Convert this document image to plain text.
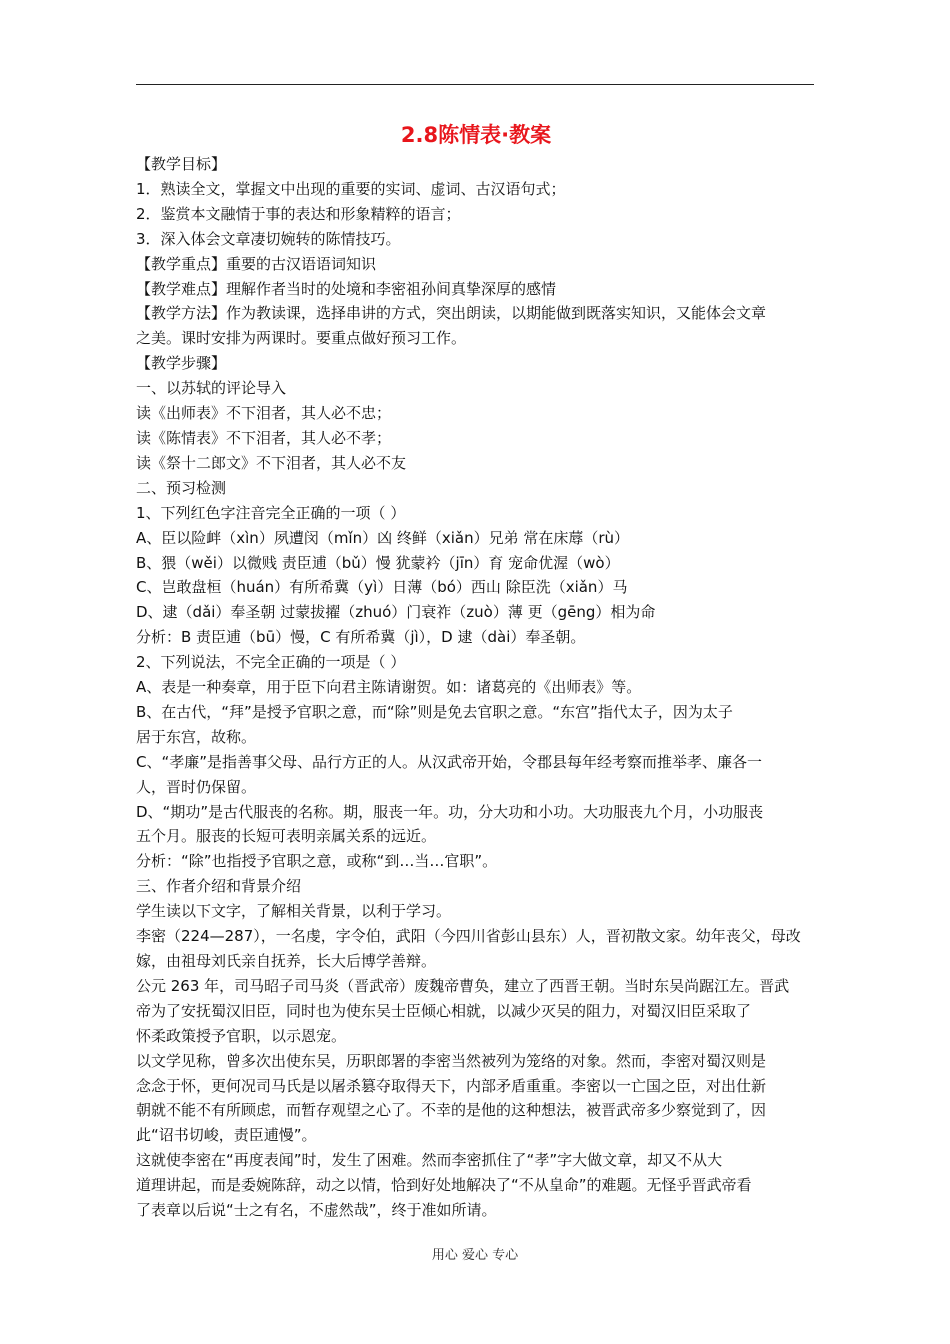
2.8陈情表·教案
【教学目标】
1．熟读全文，掌握文中出现的重要的实词、虚词、古汉语句式；
2．鉴赏本文融情于事的表达和形象精粹的语言；
3．深入体会文章凄切婉转的陈情技巧。
【教学重点】重要的古汉语语词知识
【教学难点】理解作者当时的处境和李密祖孙间真挚深厚的感情
【教学方法】作为教读课，选择串讲的方式，突出朗读，以期能做到既落实知识，又能体会文章
之美。课时安排为两课时。要重点做好预习工作。
【教学步骤】
一、以苏轼的评论导入
读《出师表》不下泪者，其人必不忠；
读《陈情表》不下泪者，其人必不孝；
读《祭十二郎文》不下泪者，其人必不友
二、预习检测
1、下列红色字注音完全正确的一项（ ）
A、臣以险衅（xìn）夙遭闵（mǐn）凶 终鲜（xiǎn）兄弟 常在床蓐（rù）
B、猥（wěi）以微贱 责臣逋（bǔ）慢 犹蒙衿（jīn）育 宠命优渥（wò）
C、岂敢盘桓（huán）有所希冀（yì）日薄（bó）西山 除臣洗（xiǎn）马
D、逮（dǎi）奉圣朝 过蒙拔擢（zhuó）门衰祚（zuò）薄 更（gēng）相为命
分析：B 责臣逋（bū）慢，C 有所希冀（jì），D 逮（dài）奉圣朝。
2、下列说法，不完全正确的一项是（ ）
A、表是一种奏章，用于臣下向君主陈请谢贺。如：诸葛亮的《出师表》等。
B、在古代，“拜”是授予官职之意，而“除”则是免去官职之意。“东宫”指代太子，因为太子
居于东宫，故称。
C、“孝廉”是指善事父母、品行方正的人。从汉武帝开始，令郡县每年经考察而推举孝、廉各一
人，晋时仍保留。
D、“期功”是古代服丧的名称。期，服丧一年。功，分大功和小功。大功服丧九个月，小功服丧
五个月。服丧的长短可表明亲属关系的远近。
分析：“除”也指授予官职之意，或称“到…当…官职”。
三、作者介绍和背景介绍
学生读以下文字，了解相关背景，以利于学习。
李密（224—287），一名虔，字令伯，武阳（今四川省彭山县东）人，晋初散文家。幼年丧父，母改
嫁，由祖母刘氏亲自抚养，长大后博学善辩。
公元 263 年，司马昭子司马炎（晋武帝）废魏帝曹奂，建立了西晋王朝。当时东吴尚踞江左。晋武
帝为了安抚蜀汉旧臣，同时也为使东吴士臣倾心相就，以减少灭吴的阻力，对蜀汉旧臣采取了
怀柔政策授予官职，以示恩宠。
以文学见称，曾多次出使东吴，历职郎署的李密当然被列为笼络的对象。然而，李密对蜀汉则是
念念于怀，更何况司马氏是以屠杀篡夺取得天下，内部矛盾重重。李密以一亡国之臣，对出仕新
朝就不能不有所顾虑，而暂存观望之心了。不幸的是他的这种想法，被晋武帝多少察觉到了，因
此“诏书切峻，责臣逋慢”。
这就使李密在“再度表闻”时，发生了困难。然而李密抓住了“孝”字大做文章，却又不从大
道理讲起，而是委婉陈辞，动之以情，恰到好处地解决了“不从皇命”的难题。无怪乎晋武帝看
了表章以后说“士之有名，不虚然哉”，终于准如所请。
用心 爱心 专心
